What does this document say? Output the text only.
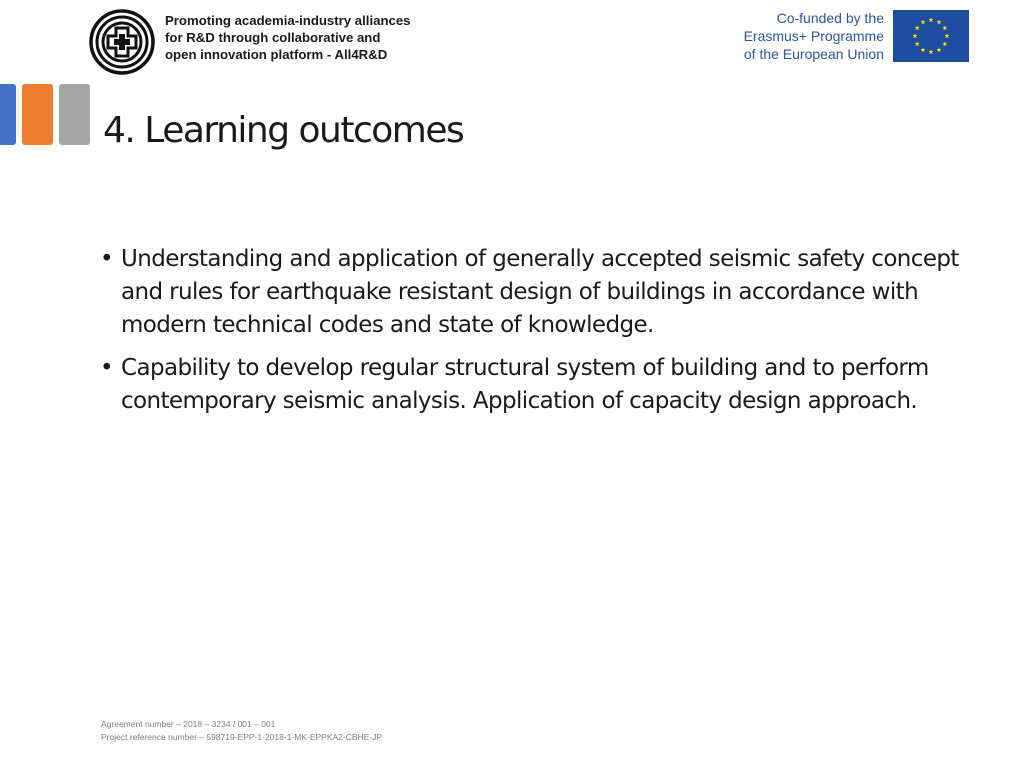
Promoting academia-industry alliances
for R&D through collaborative and
open innovation platform - All4R&D
Co-funded by the
Erasmus+ Programme
of the European Union
4. Learning outcomes
• Understanding and application of generally accepted seismic safety concept and rules for earthquake resistant design of buildings in accordance with modern technical codes and state of knowledge.
• Capability to develop regular structural system of building and to perform contemporary seismic analysis. Application of capacity design approach.
Agreement number – 2018 – 3234 / 001 – 001
Project reference number – 598719-EPP-1-2018-1-MK-EPPKA2-CBHE-JP
